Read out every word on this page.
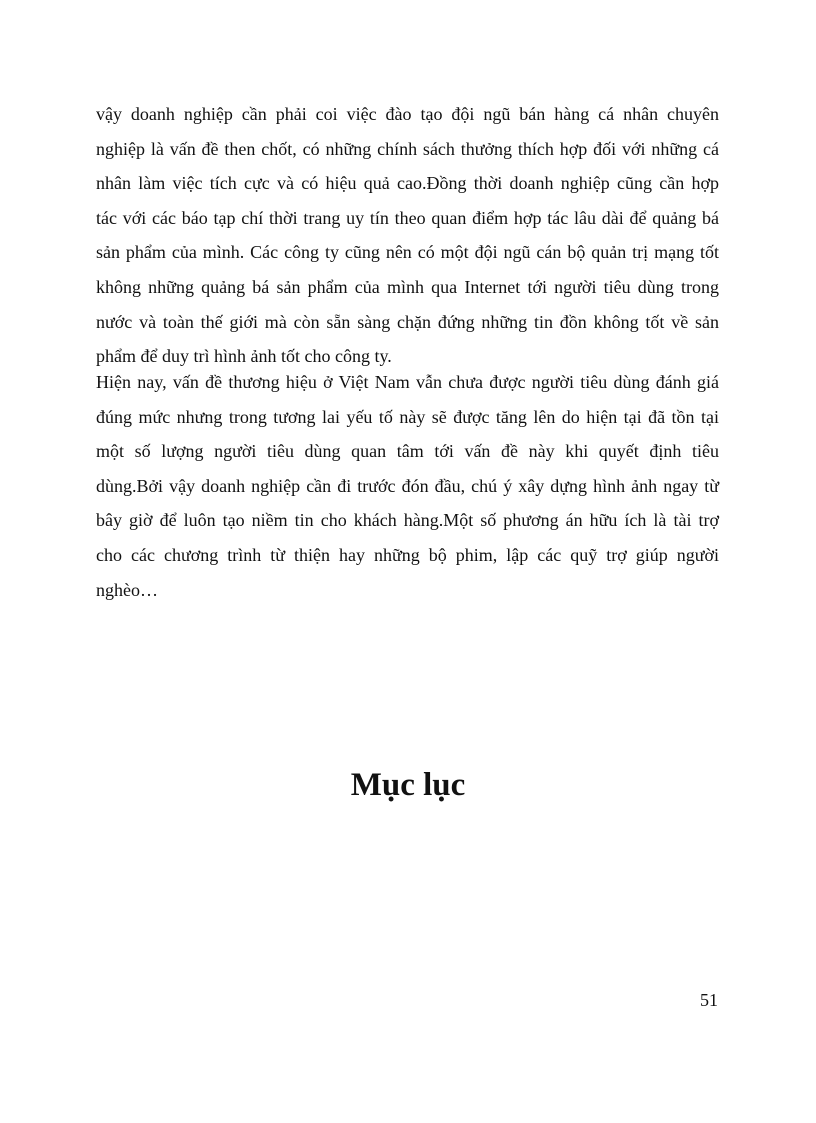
vậy doanh nghiệp cần phải coi việc đào tạo đội ngũ bán hàng cá nhân chuyên
nghiệp là vấn đề then chốt, có những chính sách thưởng thích hợp đối với những cá
nhân làm việc tích cực và có hiệu quả cao.Đồng thời doanh nghiệp cũng cần hợp
tác với các báo tạp chí thời trang uy tín theo quan điểm hợp tác lâu dài để quảng bá
sản phẩm của mình. Các công ty cũng nên có một đội ngũ cán bộ quản trị mạng tốt
không những quảng bá sản phẩm của mình qua Internet tới người tiêu dùng trong
nước và toàn thế giới mà còn sẵn sàng chặn đứng những tin đồn không tốt về sản
phẩm để duy trì hình ảnh tốt cho công ty.

Hiện nay, vấn đề thương hiệu ở Việt Nam vẫn chưa được người tiêu dùng đánh giá
đúng mức nhưng trong tương lai yếu tố này sẽ được tăng lên do hiện tại đã tồn tại
một số lượng người tiêu dùng quan tâm tới vấn đề này khi quyết định tiêu
dùng.Bởi vậy doanh nghiệp cần đi trước đón đầu, chú ý xây dựng hình ảnh ngay từ
bây giờ để luôn tạo niềm tin cho khách hàng.Một số phương án hữu ích là tài trợ
cho các chương trình từ thiện hay những bộ phim, lập các quỹ trợ giúp người
nghèo…

Mục lục
51
